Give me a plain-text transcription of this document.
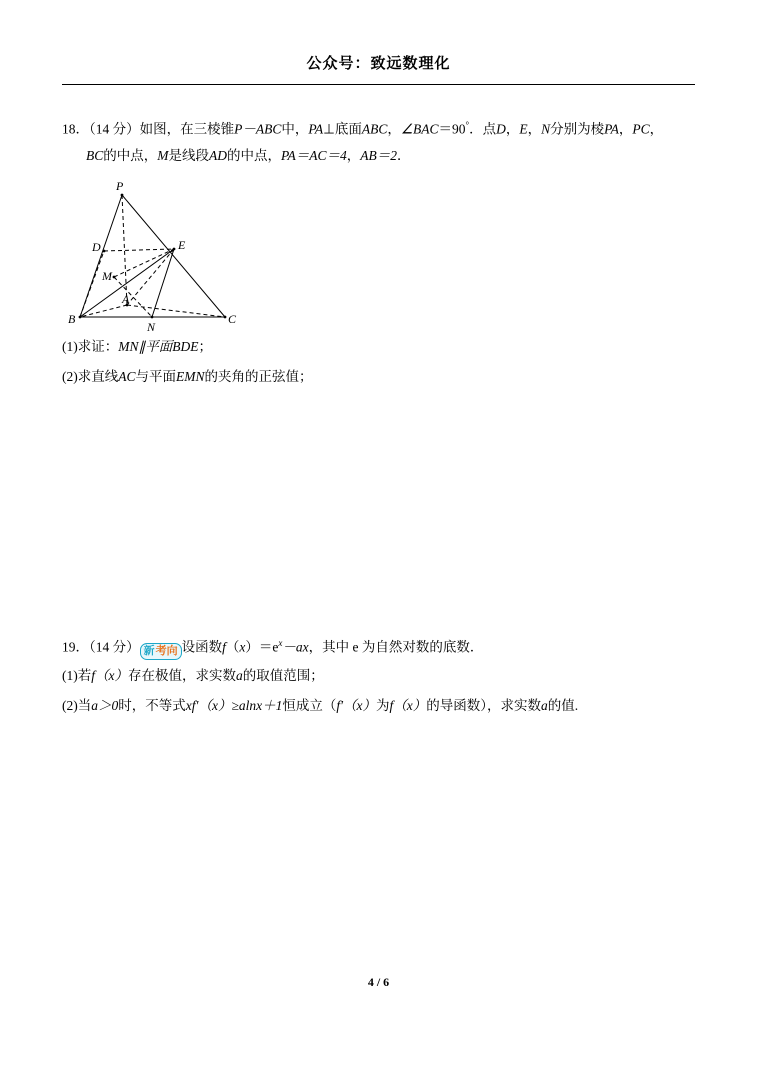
公众号：致远数理化
18．（14 分）如图，在三棱锥P－ABC中，PA⊥底面ABC，∠BAC＝90°．点D，E，N分别为棱PA，PC，
BC的中点，M是线段AD的中点，PA＝AC＝4，AB＝2．
P
D	E
M
A
B
N
C
(1)求证：MN∥平面BDE；
(2)求直线AC与平面EMN的夹角的正弦值；
19．（14 分） 新考向 设函数$f(x)=e^x-ax$，其中 e 为自然对数的底数．
(1)若f（x）存在极值，求实数a的取值范围；
(2)当a＞0时，不等式xf′（x）≥alnx＋1恒成立（f′（x）为f（x）的导函数），求实数a的值.
4 / 6
